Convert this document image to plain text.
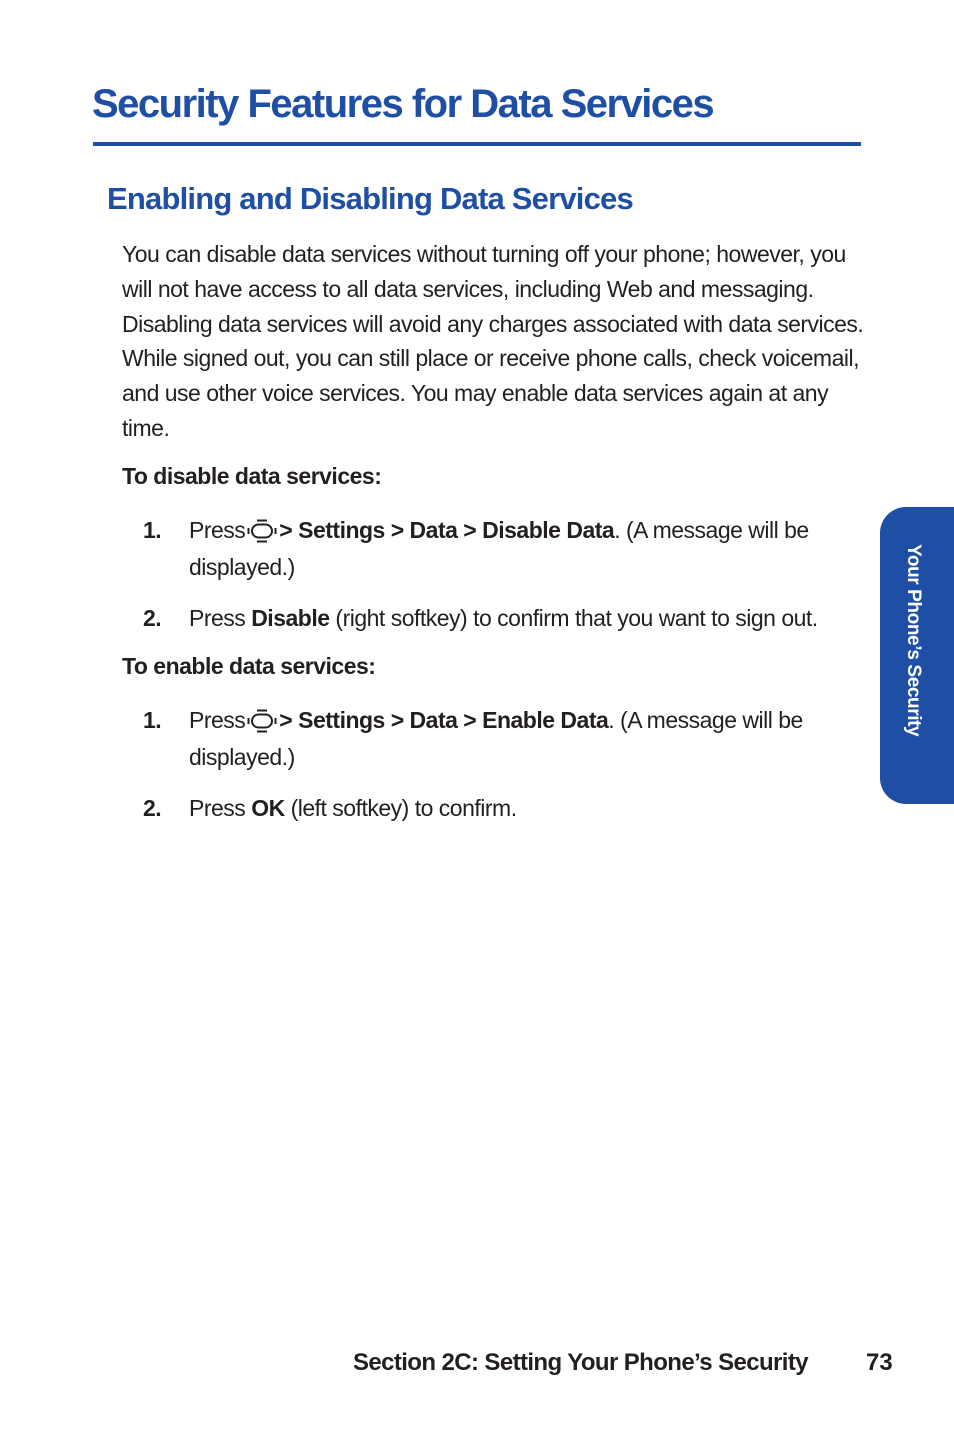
Security Features for Data Services
Enabling and Disabling Data Services

You can disable data services without turning off your phone; however, you will not have access to all data services, including Web and messaging. Disabling data services will avoid any charges associated with data services. While signed out, you can still place or receive phone calls, check voicemail, and use other voice services. You may enable data services again at any time.

To disable data services:

1. Press > Settings > Data > Disable Data. (A message will be displayed.)
2. Press Disable (right softkey) to confirm that you want to sign out.

To enable data services:

1. Press > Settings > Data > Enable Data. (A message will be displayed.)
2. Press OK (left softkey) to confirm.
Your Phone’s Security
Section 2C: Setting Your Phone’s Security 73
